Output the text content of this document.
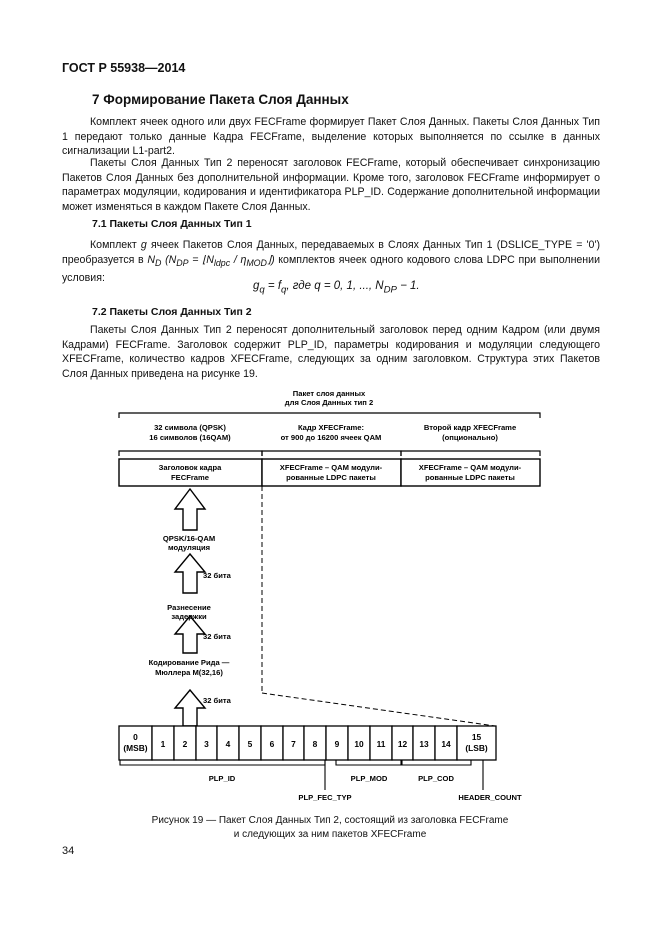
ГОСТ Р 55938—2014
7 Формирование Пакета Слоя Данных
Комплект ячеек одного или двух FECFrame формирует Пакет Слоя Данных. Пакеты Слоя Данных Тип 1 передают только данные Кадра FECFrame, выделение которых выполняется по ссылке в данных сигнализации L1-part2.
Пакеты Слоя Данных Тип 2 переносят заголовок FECFrame, который обеспечивает синхронизацию Пакетов Слоя Данных без дополнительной информации. Кроме того, заголовок FECFrame информирует о параметрах модуляции, кодирования и идентификатора PLP_ID. Содержание дополнительной информации может изменяться в каждом Пакете Слоя Данных.
7.1 Пакеты Слоя Данных Тип 1
Комплект g ячеек Пакетов Слоя Данных, передаваемых в Слоях Данных Тип 1 (DSLICE_TYPE = '0') преобразуется в $N_D$ ($N_{DP}$ = $⌊N_{ldpc}$ / $\eta_{MOD}⌋$) комплектов ячеек одного кодового слова LDPC при выполнении условия:
$g_q = f_q$, где q = 0, 1, ..., $N_{DP} - 1$.
7.2 Пакеты Слоя Данных Тип 2
Пакеты Слоя Данных Тип 2 переносят дополнительный заголовок перед одним Кадром (или двумя Кадрами) FECFrame. Заголовок содержит PLP_ID, параметры кодирования и модуляции следующего XFECFrame, количество кадров XFECFrame, следующих за одним заголовком. Структура этих Пакетов Слоя Данных приведена на рисунке 19.
Пакет слоя данных
для Слоя Данных тип 2
32 символа (QPSK)
16 символов (16QAM)
Кадр XFECFrame:
от 900 до 16200 ячеек QAM
Второй кадр XFECFrame
(опционально)
Заголовок кадра
FECFrame
XFECFrame – QAM модули-
рованные LDPC пакеты
XFECFrame – QAM модули-
рованные LDPC пакеты
QPSK/16-QAM
модуляция
32 бита
Разнесение
задержки
32 бита
Кодирование Рида —
Мюллера М(32,16)
32 бита
0
(MSB) 1 2 3 4 5 6 7 8 9 10 11 12 13 14
15
(LSB)
PLP_ID	PLP_MOD	PLP_COD
PLP_FEC_TYP	HEADER_COUNT
Рисунок 19 — Пакет Слоя Данных Тип 2, состоящий из заголовка FECFrame
и следующих за ним пакетов XFECFrame
34
